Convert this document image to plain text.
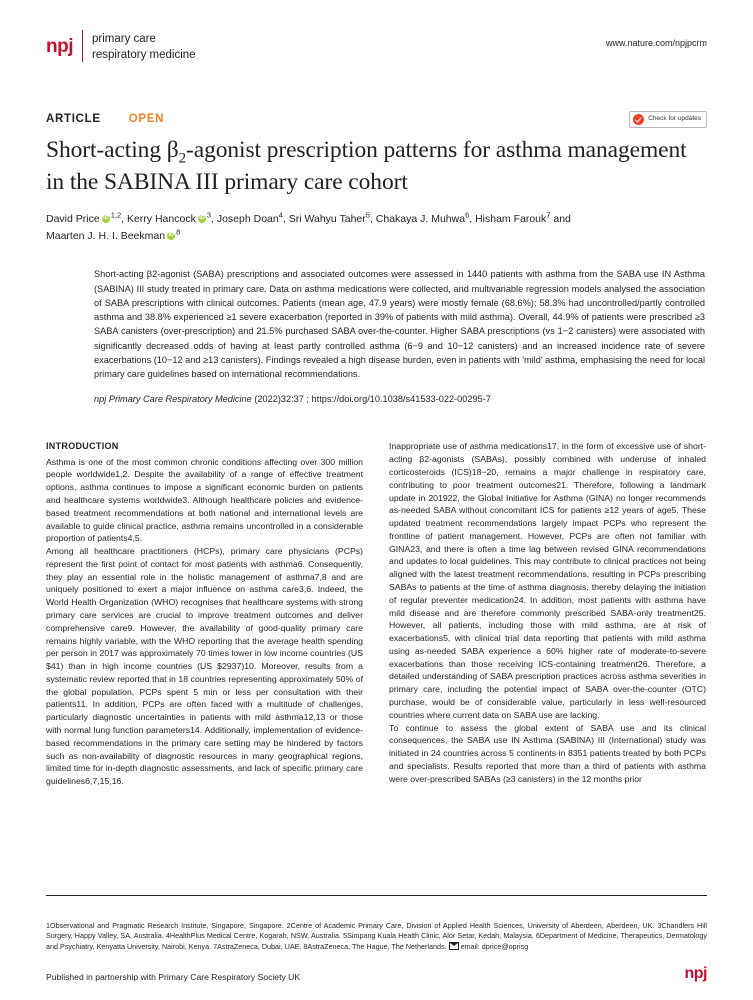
npj	primary care
respiratory medicine
www.nature.com/npjpcrm
ARTICLE OPEN	Check for updates
Short-acting $\beta_2$-agonist prescription patterns for asthma management in the SABINA III primary care cohort
David Price iD $^{1,2}$, Kerry Hancock iD $^3$, Joseph Doan$^4$, Sri Wahyu Taher$^5$, Chakaya J. Muhwa$^6$, Hisham Farouk$^7$ and
Maarten J. H. I. Beekman iD $^8$
Short-acting β2-agonist (SABA) prescriptions and associated outcomes were assessed in 1440 patients with asthma from the SABA use IN Asthma (SABINA) III study treated in primary care. Data on asthma medications were collected, and multivariable regression models analysed the association of SABA prescriptions with clinical outcomes. Patients (mean age, 47.9 years) were mostly female (68.6%); 58.3% had uncontrolled/partly controlled asthma and 38.8% experienced ≥1 severe exacerbation (reported in 39% of patients with mild asthma). Overall, 44.9% of patients were prescribed ≥3 SABA canisters (over-prescription) and 21.5% purchased SABA over-the-counter. Higher SABA prescriptions (vs 1−2 canisters) were associated with significantly decreased odds of having at least partly controlled asthma (6−9 and 10−12 canisters) and an increased incidence rate of severe exacerbations (10−12 and ≥13 canisters). Findings revealed a high disease burden, even in patients with 'mild' asthma, emphasising the need for local primary care guidelines based on international recommendations.
npj Primary Care Respiratory Medicine (2022)32:37 ; https://doi.org/10.1038/s41533-022-00295-7
INTRODUCTION

Asthma is one of the most common chronic conditions affecting over 300 million people worldwide1,2. Despite the availability of a range of effective treatment options, asthma continues to impose a significant economic burden on patients and healthcare systems worldwide3. Although healthcare policies and evidence-based treatment recommendations at both national and international levels are available to guide clinical practice, asthma remains uncontrolled in a considerable proportion of patients4,5.

Among all healthcare practitioners (HCPs), primary care physicians (PCPs) represent the first point of contact for most patients with asthma6. Consequently, they play an essential role in the holistic management of asthma7,8 and are uniquely positioned to exert a major influence on asthma care3,6. Indeed, the World Health Organization (WHO) recognises that healthcare systems with strong primary care services are crucial to improve treatment outcomes and deliver comprehensive care9. However, the availability of good-quality primary care remains highly variable, with the WHO reporting that the average health spending per person in 2017 was approximately 70 times lower in low income countries (US $41) than in high income countries (US $2937)10. Moreover, results from a systematic review reported that in 18 countries representing approximately 50% of the global population, PCPs spent 5 min or less per consultation with their patients11. In addition, PCPs are often faced with a multitude of challenges, particularly diagnostic uncertainties in patients with mild asthma12,13 or those with normal lung function parameters14. Additionally, implementation of evidence-based recommendations in the primary care setting may be hindered by factors such as non-availability of diagnostic resources in many geographical regions, limited time for in-depth diagnostic assessments, and lack of specific primary care guidelines6,7,15,16.

Inappropriate use of asthma medications17, in the form of excessive use of short-acting β2-agonists (SABAs), possibly combined with underuse of inhaled corticosteroids (ICS)18−20, remains a major challenge in respiratory care, contributing to poor treatment outcomes21. Therefore, following a landmark update in 201922, the Global Initiative for Asthma (GINA) no longer recommends as-needed SABA without concomitant ICS for patients ≥12 years of age5. These updated treatment recommendations largely impact PCPs who represent the frontline of patient management. However, PCPs are often not familiar with GINA23, and there is often a time lag between revised GINA recommendations and updates to local guidelines. This may contribute to clinical practices not being aligned with the latest treatment recommendations, resulting in PCPs prescribing SABAs to patients at the time of asthma diagnosis, thereby delaying the initiation of regular preventer medication24. In addition, most patients with asthma have mild disease and are therefore commonly prescribed SABA-only treatment25. However, all patients, including those with mild asthma, are at risk of exacerbations5, with clinical trial data reporting that patients with mild asthma using as-needed SABA experience a 60% higher rate of moderate-to-severe exacerbations than those receiving ICS-containing treatment26. Therefore, a detailed understanding of SABA prescription practices across asthma severities in primary care, including the potential impact of SABA over-the-counter (OTC) purchase, would be of considerable value, particularly in less well-resourced countries where current data on SABA use are lacking.

To continue to assess the global extent of SABA use and its clinical consequences, the SABA use IN Asthma (SABINA) III (International) study was initiated in 24 countries across 5 continents in 8351 patients treated by both PCPs and specialists. Results reported that more than a third of patients with asthma were over-prescribed SABAs (≥3 canisters) in the 12 months prior

1Observational and Pragmatic Research Institute, Singapore, Singapore. 2Centre of Academic Primary Care, Division of Applied Health Sciences, University of Aberdeen, Aberdeen, UK. 3Chandlers Hill Surgery, Happy Valley, SA, Australia. 4HealthPlus Medical Centre, Kogarah, NSW, Australia. 5Simpang Kuala Health Clinic, Alor Setar, Kedah, Malaysia. 6Department of Medicine, Therapeutics, Dermatology and Psychiatry, Kenyatta University, Nairobi, Kenya. 7AstraZeneca, Dubai, UAE. 8AstraZeneca, The Hague, The Netherlands. email: dprice@oprisg
Published in partnership with Primary Care Respiratory Society UK	npj
